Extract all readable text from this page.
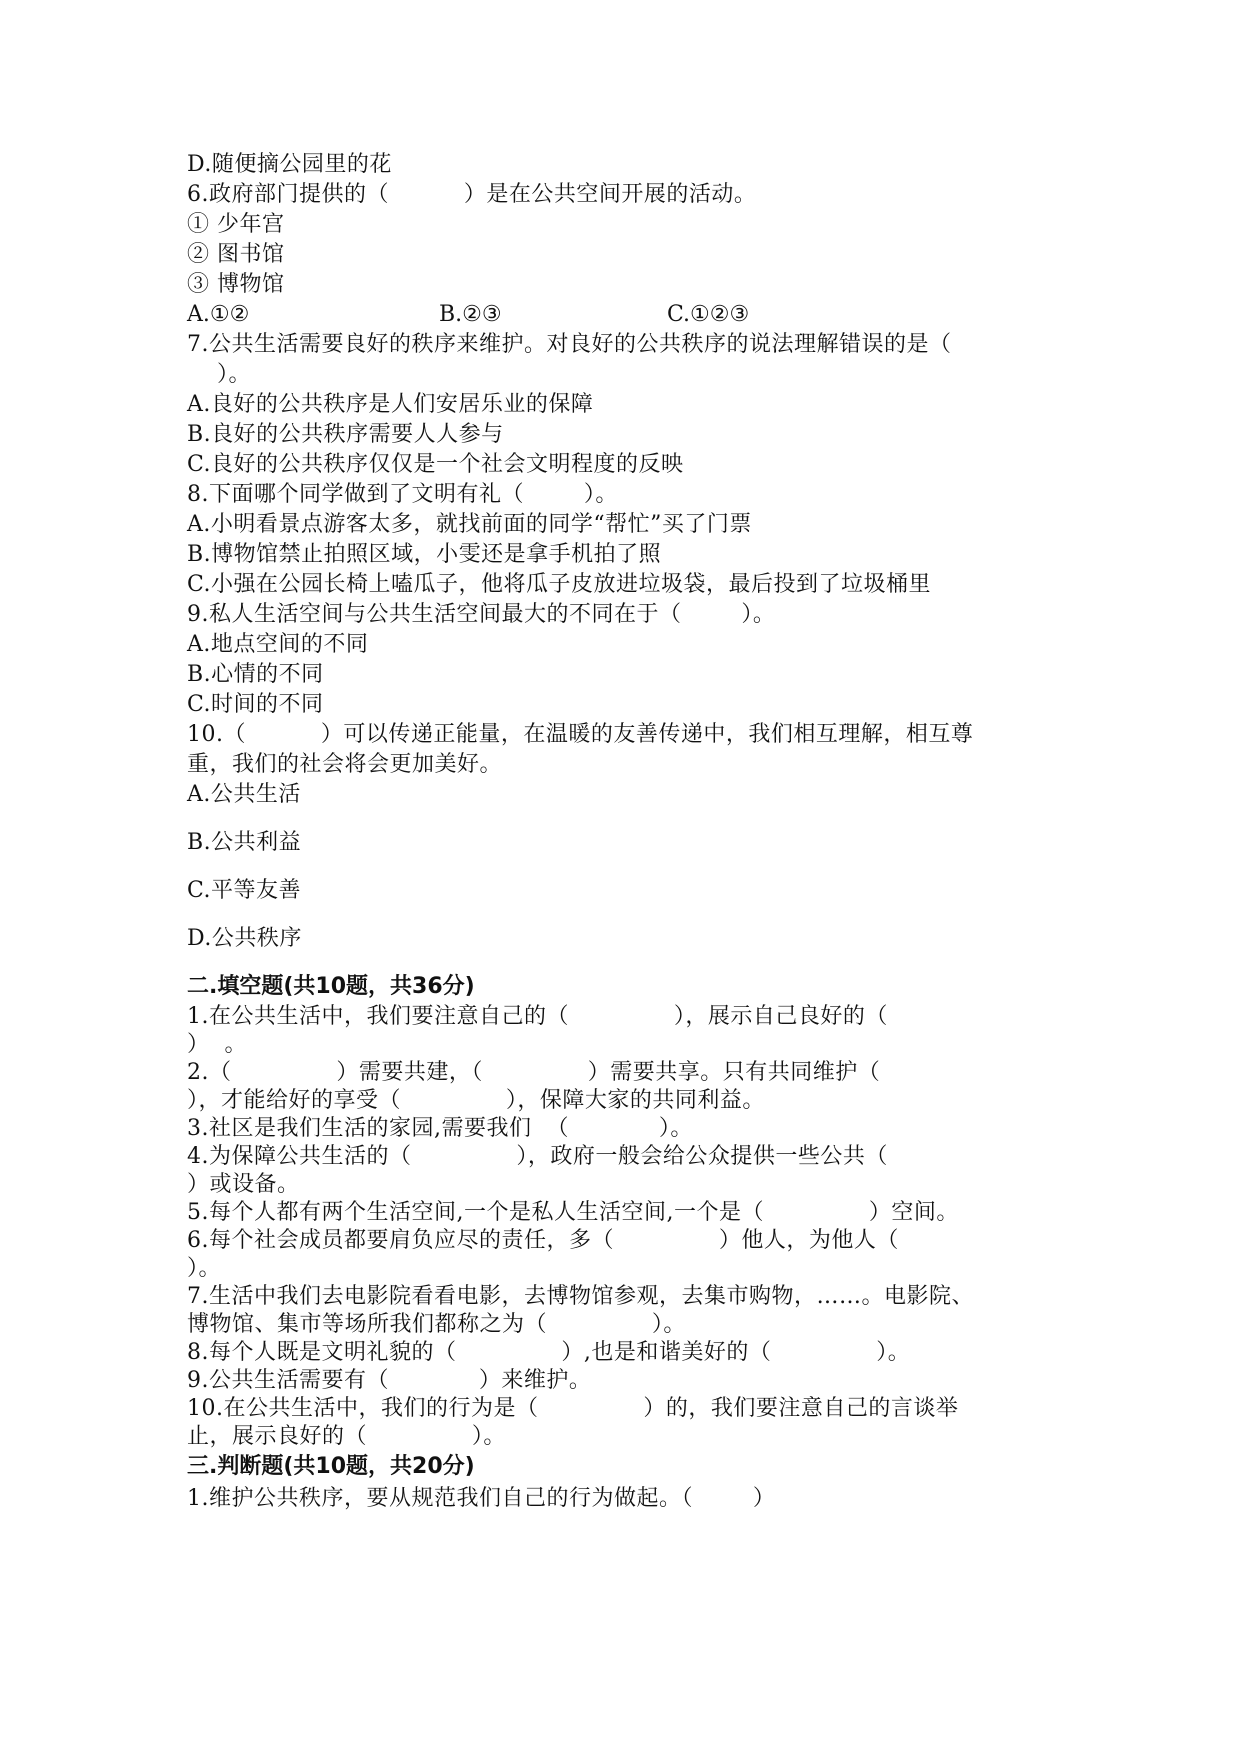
D.随便摘公园里的花
6.政府部门提供的（          ）是在公共空间开展的活动。
① 少年宫
② 图书馆
③ 博物馆
A.①②	B.②③	C.①②③
7.公共生活需要良好的秩序来维护。对良好的公共秩序的说法理解错误的是（
）。
A.良好的公共秩序是人们安居乐业的保障
B.良好的公共秩序需要人人参与
C.良好的公共秩序仅仅是一个社会文明程度的反映
8.下面哪个同学做到了文明有礼（        ）。
A.小明看景点游客太多，就找前面的同学“帮忙”买了门票
B.博物馆禁止拍照区域，小雯还是拿手机拍了照
C.小强在公园长椅上嗑瓜子，他将瓜子皮放进垃圾袋，最后投到了垃圾桶里
9.私人生活空间与公共生活空间最大的不同在于（        ）。
A.地点空间的不同
B.心情的不同
C.时间的不同
10.（          ）可以传递正能量，在温暖的友善传递中，我们相互理解，相互尊
重，我们的社会将会更加美好。
A.公共生活
B.公共利益
C.平等友善
D.公共秩序
二.填空题(共10题，共36分)
1.在公共生活中，我们要注意自己的（              ），展示自己良好的（
）  。
2.（              ）需要共建，（              ）需要共享。只有共同维护（
），才能给好的享受（              ），保障大家的共同利益。
3.社区是我们生活的家园,需要我们  （            ）。
4.为保障公共生活的（              ），政府一般会给公众提供一些公共（
）或设备。
5.每个人都有两个生活空间,一个是私人生活空间,一个是（              ）空间。
6.每个社会成员都要肩负应尽的责任，多（              ）他人，为他人（
）。
7.生活中我们去电影院看看电影，去博物馆参观，去集市购物，……。电影院、
博物馆、集市等场所我们都称之为（              ）。
8.每个人既是文明礼貌的（              ）,也是和谐美好的（              ）。
9.公共生活需要有（            ）来维护。
10.在公共生活中，我们的行为是（              ）的，我们要注意自己的言谈举
止，展示良好的（              ）。
三.判断题(共10题，共20分)
1.维护公共秩序，要从规范我们自己的行为做起。（        ）
